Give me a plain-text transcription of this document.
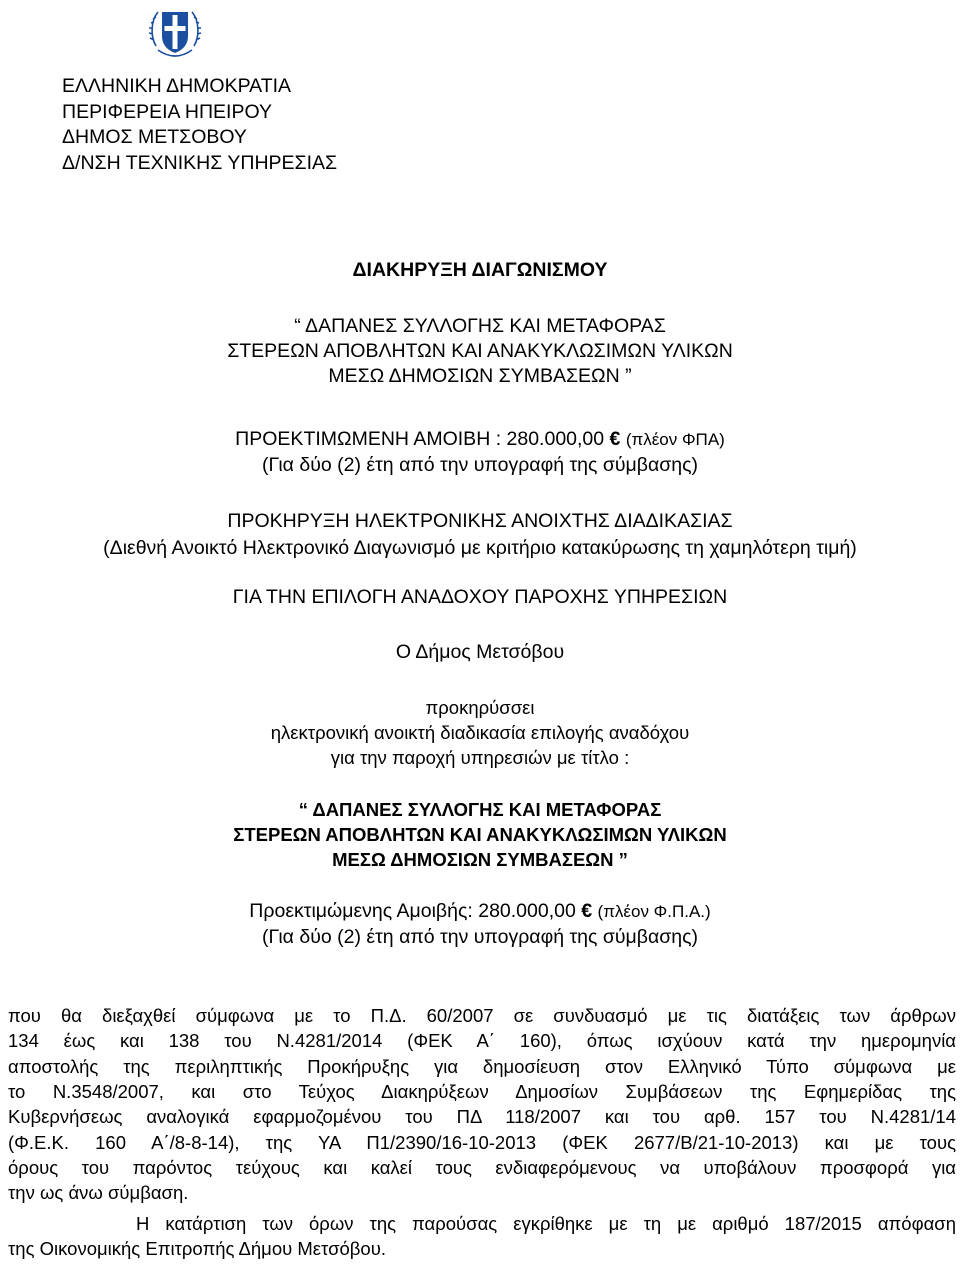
ΕΛΛΗΝΙΚΗ ΔΗΜΟΚΡΑΤΙΑ
ΠΕΡΙΦΕΡΕΙΑ ΗΠΕΙΡΟΥ
ΔΗΜΟΣ ΜΕΤΣΟΒΟΥ
Δ/ΝΣΗ ΤΕΧΝΙΚΗΣ ΥΠΗΡΕΣΙΑΣ
ΔΙΑΚΗΡΥΞΗ ΔΙΑΓΩΝΙΣΜΟΥ
“ ΔΑΠΑΝΕΣ ΣΥΛΛΟΓΗΣ ΚΑΙ ΜΕΤΑΦΟΡΑΣ
ΣΤΕΡΕΩΝ ΑΠΟΒΛΗΤΩΝ ΚΑΙ ΑΝΑΚΥΚΛΩΣΙΜΩΝ ΥΛΙΚΩΝ
ΜΕΣΩ ΔΗΜΟΣΙΩΝ ΣΥΜΒΑΣΕΩΝ ”
ΠΡΟΕΚΤΙΜΩΜΕΝΗ ΑΜΟΙΒΗ : 280.000,00 € (πλέον ΦΠΑ)
(Για δύο (2) έτη από την υπογραφή της σύμβασης)
ΠΡΟΚΗΡΥΞΗ ΗΛΕΚΤΡΟΝΙΚΗΣ ΑΝΟΙΧΤΗΣ ΔΙΑΔΙΚΑΣΙΑΣ
(Διεθνή Ανοικτό Ηλεκτρονικό Διαγωνισμό με κριτήριο κατακύρωσης τη χαμηλότερη τιμή)
ΓΙΑ ΤΗΝ ΕΠΙΛΟΓΗ ΑΝΑΔΟΧΟΥ ΠΑΡΟΧΗΣ ΥΠΗΡΕΣΙΩΝ
Ο Δήμος Μετσόβου
προκηρύσσει
ηλεκτρονική ανοικτή διαδικασία επιλογής αναδόχου
για την παροχή υπηρεσιών με τίτλο :
“ ΔΑΠΑΝΕΣ ΣΥΛΛΟΓΗΣ ΚΑΙ ΜΕΤΑΦΟΡΑΣ
ΣΤΕΡΕΩΝ ΑΠΟΒΛΗΤΩΝ ΚΑΙ ΑΝΑΚΥΚΛΩΣΙΜΩΝ ΥΛΙΚΩΝ
ΜΕΣΩ ΔΗΜΟΣΙΩΝ ΣΥΜΒΑΣΕΩΝ ”
Προεκτιμώμενης Αμοιβής: 280.000,00 € (πλέον Φ.Π.Α.)
(Για δύο (2) έτη από την υπογραφή της σύμβασης)
που θα διεξαχθεί σύμφωνα με το Π.Δ. 60/2007 σε συνδυασμό με τις διατάξεις των άρθρων
134 έως και 138 του Ν.4281/2014 (ΦΕΚ Α΄ 160), όπως ισχύουν κατά την ημερομηνία
αποστολής της περιληπτικής Προκήρυξης για δημοσίευση στον Ελληνικό Τύπο σύμφωνα με
το Ν.3548/2007, και στο Τεύχος Διακηρύξεων Δημοσίων Συμβάσεων της Εφημερίδας της
Κυβερνήσεως αναλογικά εφαρμοζομένου του ΠΔ 118/2007 και του αρθ. 157 του Ν.4281/14
(Φ.Ε.Κ. 160 Α΄/8-8-14), της ΥΑ Π1/2390/16-10-2013 (ΦΕΚ 2677/Β/21-10-2013) και με τους
όρους του παρόντος τεύχους και καλεί τους ενδιαφερόμενους να υποβάλουν προσφορά για
την ως άνω σύμβαση.
Η κατάρτιση των όρων της παρούσας εγκρίθηκε με τη με αριθμό 187/2015 απόφαση
της Οικονομικής Επιτροπής Δήμου Μετσόβου.
